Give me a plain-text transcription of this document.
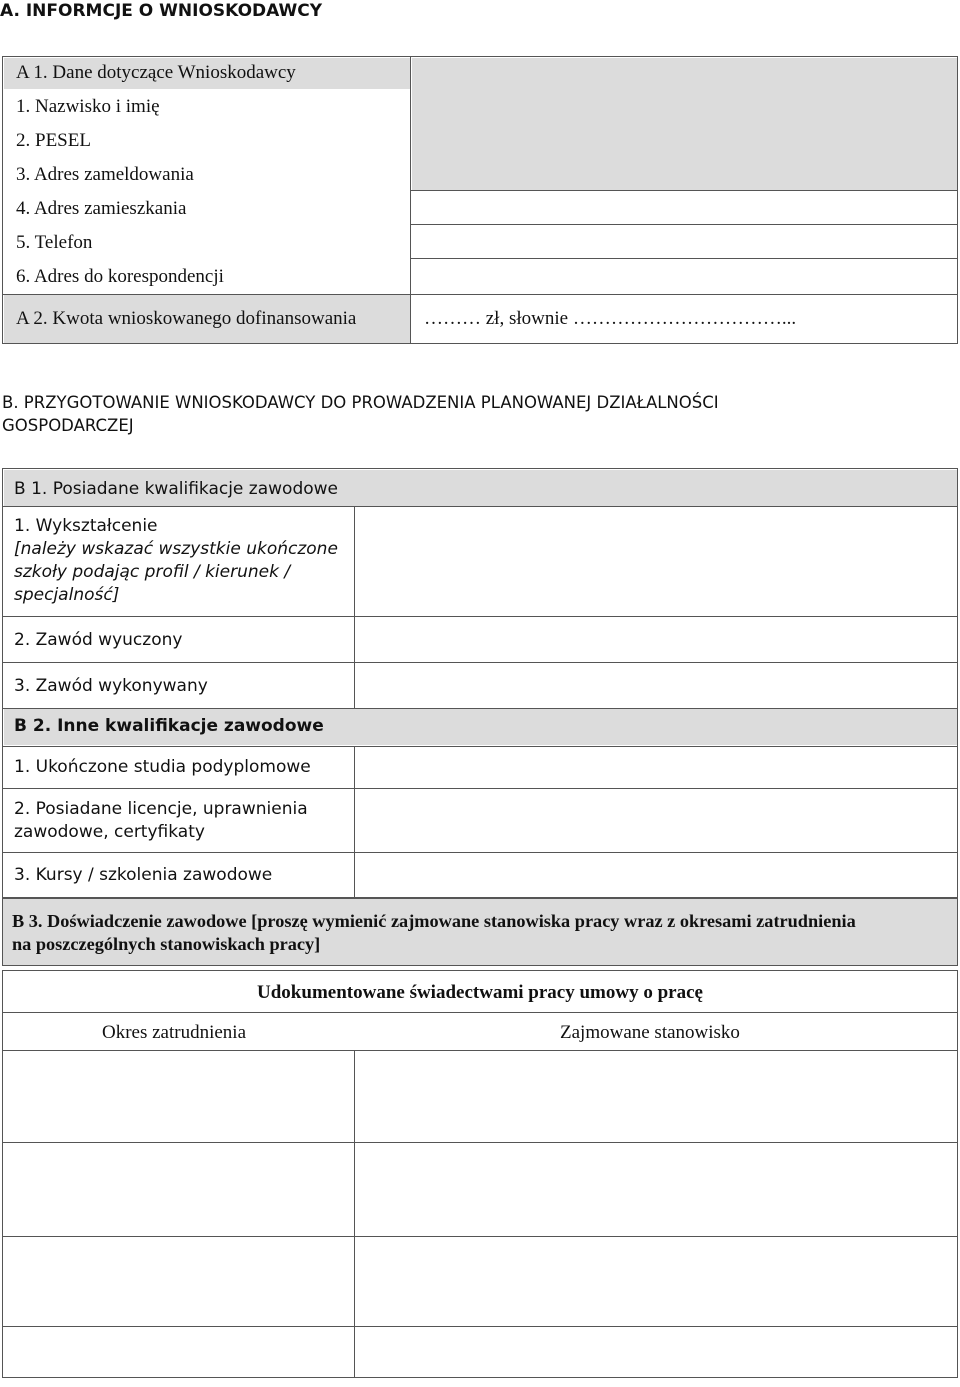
A. INFORMCJE O WNIOSKODAWCY
A 1. Dane dotyczące Wnioskodawcy
1. Nazwisko i imię
2. PESEL
3. Adres zameldowania
4. Adres zamieszkania
5. Telefon
6. Adres do korespondencji
A 2. Kwota wnioskowanego dofinansowania	……… zł, słownie ……………………………...
B. PRZYGOTOWANIE WNIOSKODAWCY DO PROWADZENIA PLANOWANEJ DZIAŁALNOŚCI
GOSPODARCZEJ
B 1. Posiadane kwalifikacje zawodowe
1. Wykształcenie
[należy wskazać wszystkie ukończone
szkoły podając profil / kierunek /
specjalność]
2. Zawód wyuczony
3. Zawód wykonywany
B 2. Inne kwalifikacje zawodowe
1. Ukończone studia podyplomowe
2. Posiadane licencje, uprawnienia
zawodowe, certyfikaty
3. Kursy / szkolenia zawodowe
B 3. Doświadczenie zawodowe [proszę wymienić zajmowane stanowiska pracy wraz z okresami zatrudnienia
na poszczególnych stanowiskach pracy]
Udokumentowane świadectwami pracy umowy o pracę
Okres zatrudnienia	Zajmowane stanowisko
